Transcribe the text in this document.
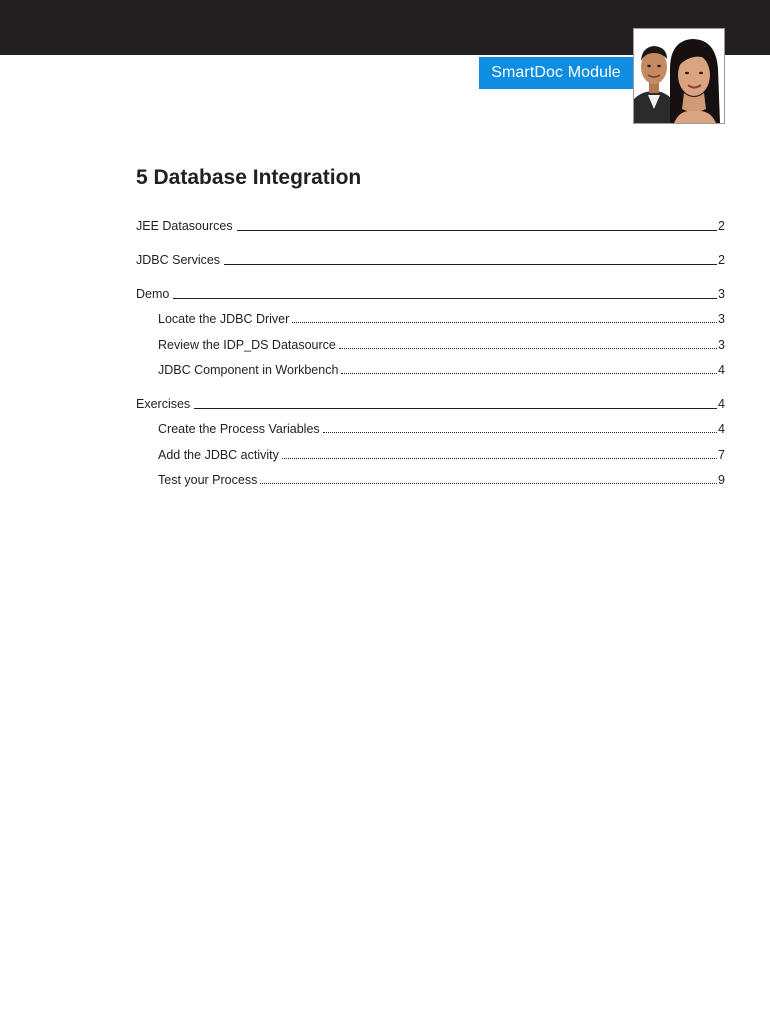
SmartDoc Module
5 Database Integration
JEE Datasources	2
JDBC Services	2
Demo	3
Locate the JDBC Driver	3
Review the IDP_DS Datasource	3
JDBC Component in Workbench	4
Exercises	4
Create the Process Variables	4
Add the JDBC activity	7
Test your Process	9
